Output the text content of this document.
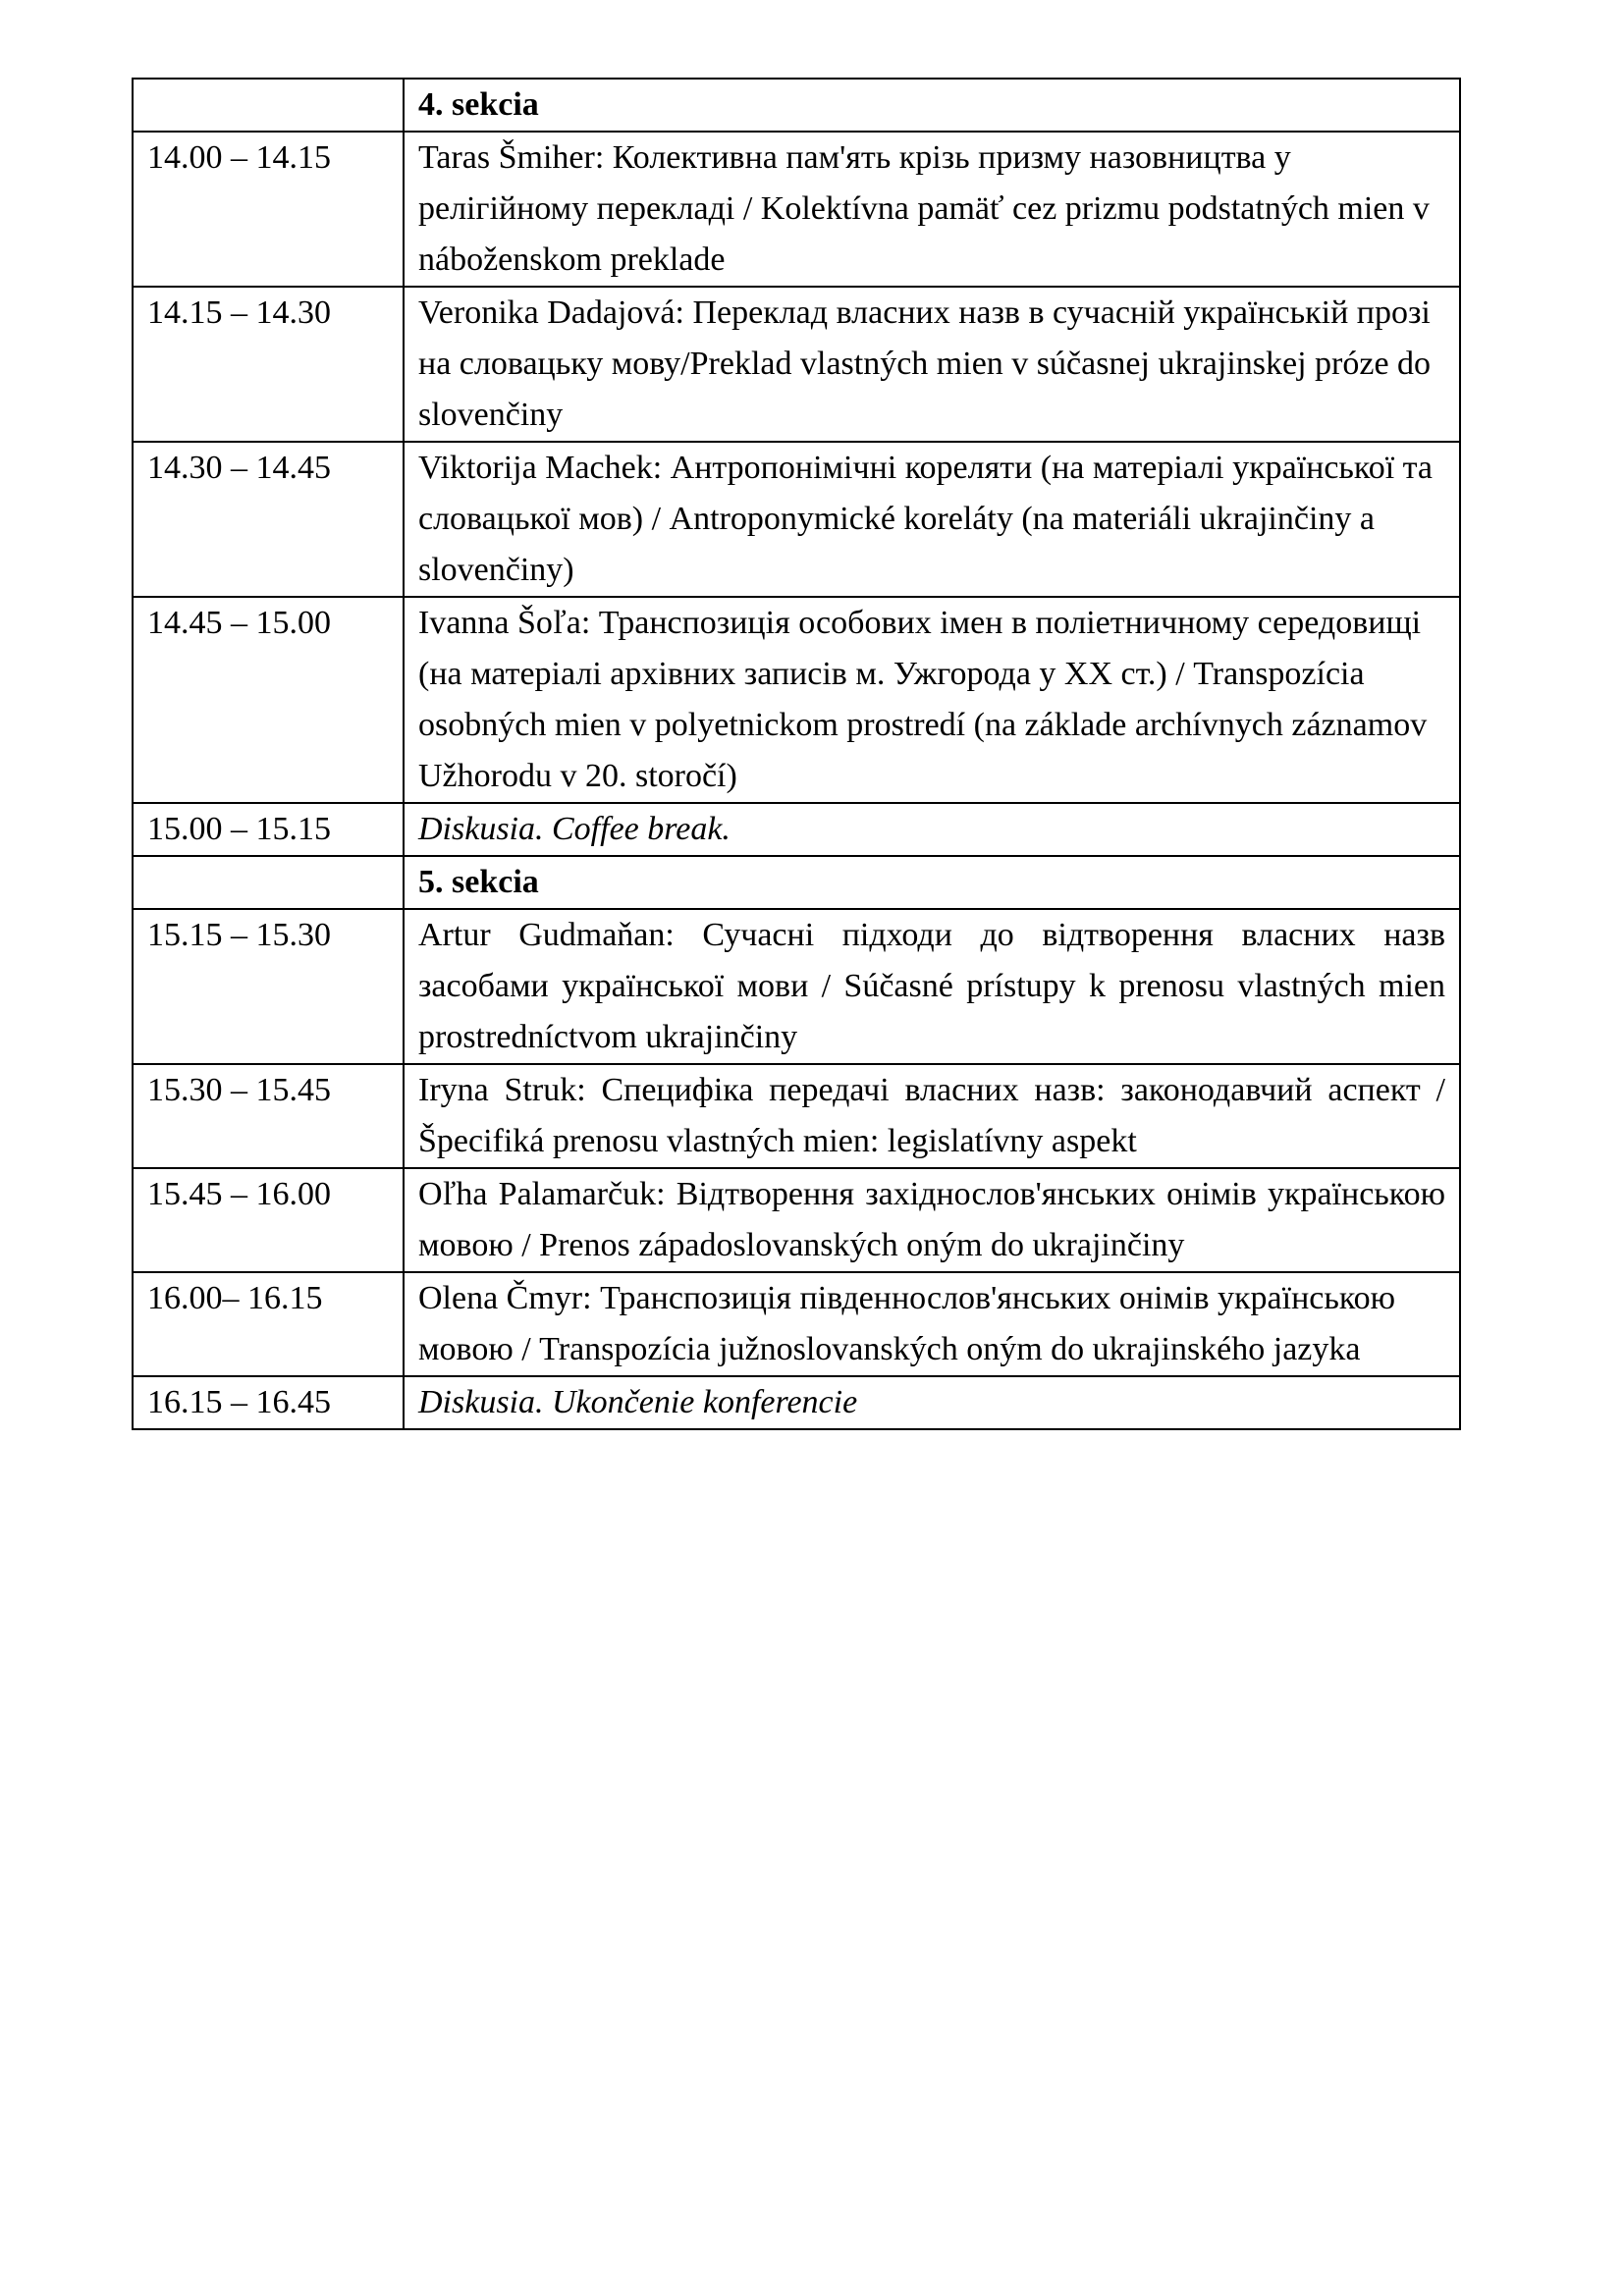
	4. sekcia
14.00 – 14.15	Taras Šmiher: Колективна пам'ять крізь призму назовництва у релігійному перекладі / Kolektívna pamäť cez prizmu podstatných mien v náboženskom preklade
14.15 – 14.30	Veronika Dadajová: Переклад власних назв в сучасній українській прозі на словацьку мову/Preklad vlastných mien v súčasnej ukrajinskej próze do slovenčiny
14.30 – 14.45	Viktorija Machek: Антропонімічні кореляти (на матеріалі української та словацької мов) / Antroponymické koreláty (na materiáli ukrajinčiny a slovenčiny)
14.45 – 15.00	Ivanna Šoľa: Транспозиція особових імен в поліетничному середовищі (на матеріалі архівних записів м. Ужгорода у ХХ ст.) / Transpozícia osobných mien v polyetnickom prostredí (na základe archívnych záznamov Užhorodu v 20. storočí)
15.00 – 15.15	Diskusia. Coffee break.
	5. sekcia
15.15 – 15.30	Artur Gudmaňan: Сучасні підходи до відтворення власних назв засобами української мови / Súčasné prístupy k prenosu vlastných mien prostredníctvom ukrajinčiny
15.30 – 15.45	Iryna Struk: Специфіка передачі власних назв: законодавчий аспект / Špecifiká prenosu vlastných mien: legislatívny aspekt
15.45 – 16.00	Oľha Palamarčuk: Відтворення західнослов'янських онімів українською мовою / Prenos západoslovanských oným do ukrajinčiny
16.00– 16.15	Olena Čmyr: Транспозиція південнослов'янських онімів українською мовою / Transpozícia južnoslovanských oným do ukrajinského jazyka
16.15 – 16.45	Diskusia. Ukončenie konferencie
